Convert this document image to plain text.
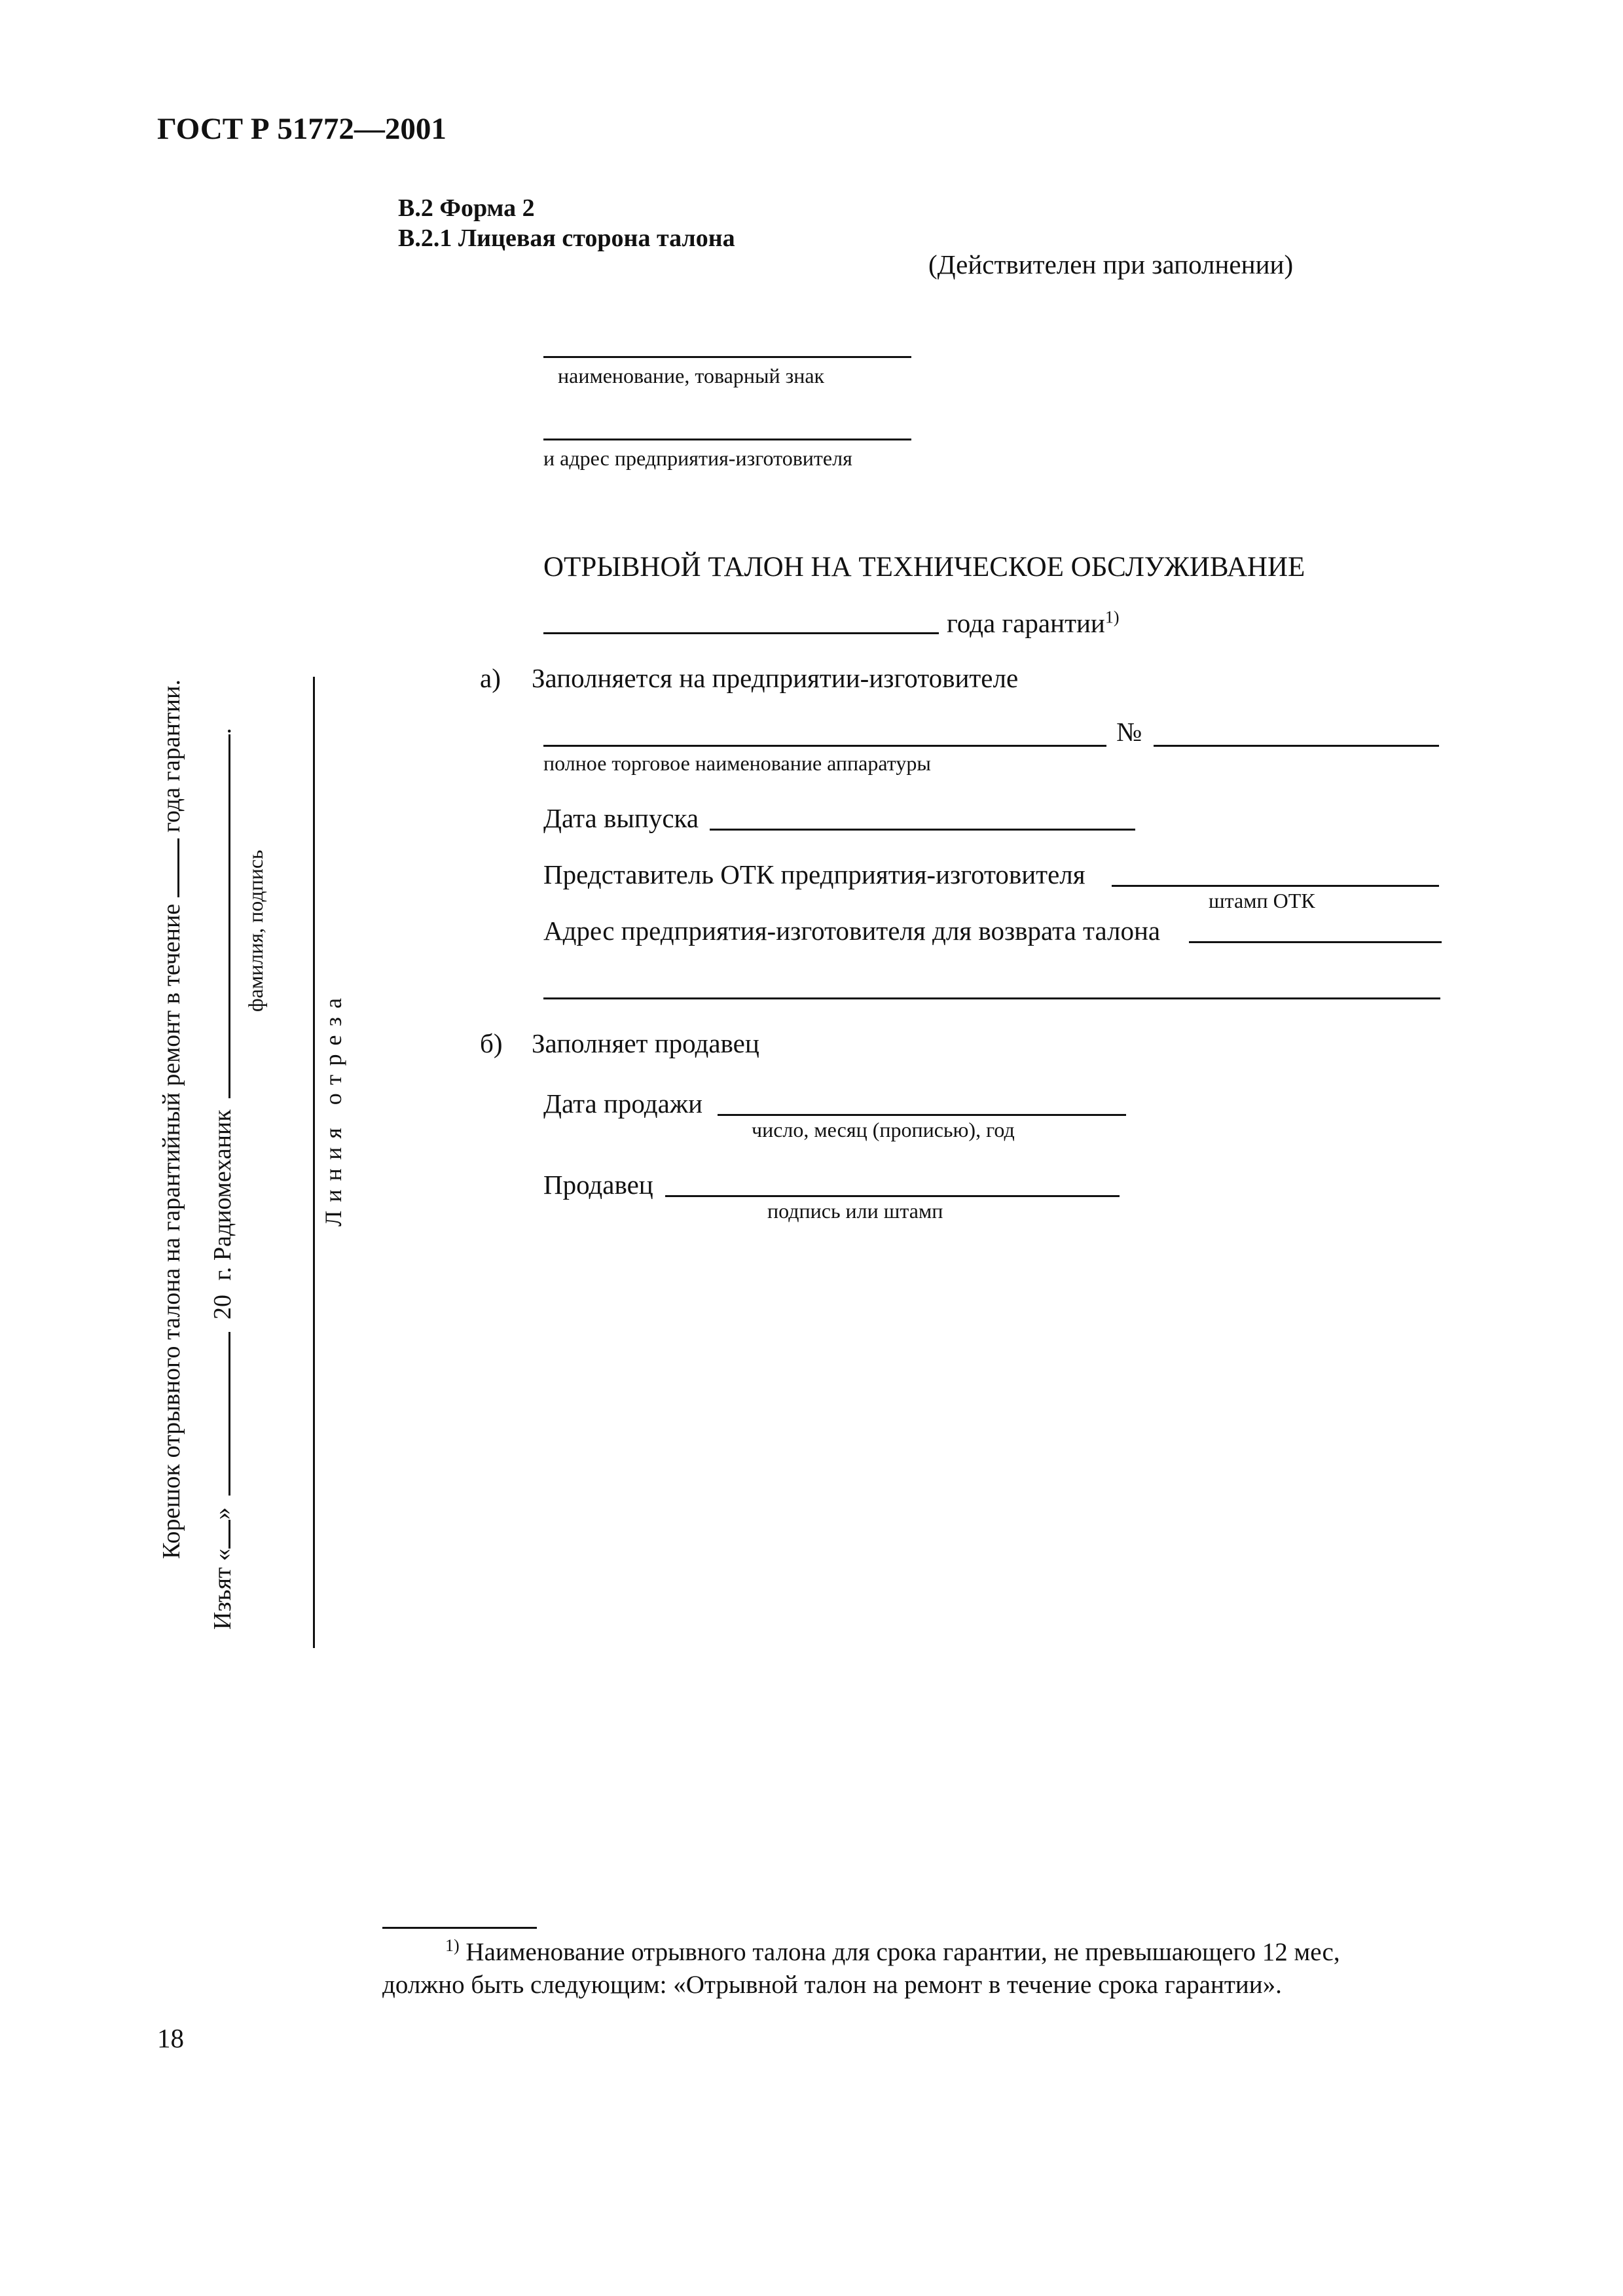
ГОСТ Р 51772—2001
В.2 Форма 2
В.2.1 Лицевая сторона талона
(Действителен при заполнении)
наименование, товарный знак
и адрес предприятия-изготовителя
ОТРЫВНОЙ ТАЛОН НА ТЕХНИЧЕСКОЕ ОБСЛУЖИВАНИЕ
года гарантии$^{1)}$
а) Заполняется на предприятии-изготовителе
№
полное торговое наименование аппаратуры
Дата выпуска
Представитель ОТК предприятия-изготовителя
штамп ОТК
Адрес предприятия-изготовителя для возврата талона
б) Заполняет продавец
Дата продажи
число, месяц (прописью), год
Продавец
подпись или штамп
Корешок отрывного талона на гарантийный ремонт в течение  года гарантии.
Изъят «»  20 г. Радиомеханик .
фамилия, подпись
Линия отреза
$^{1)}$ Наименование отрывного талона для срока гарантии, не превышающего 12 мес,
должно быть следующим: «Отрывной талон на ремонт в течение срока гарантии».
18
